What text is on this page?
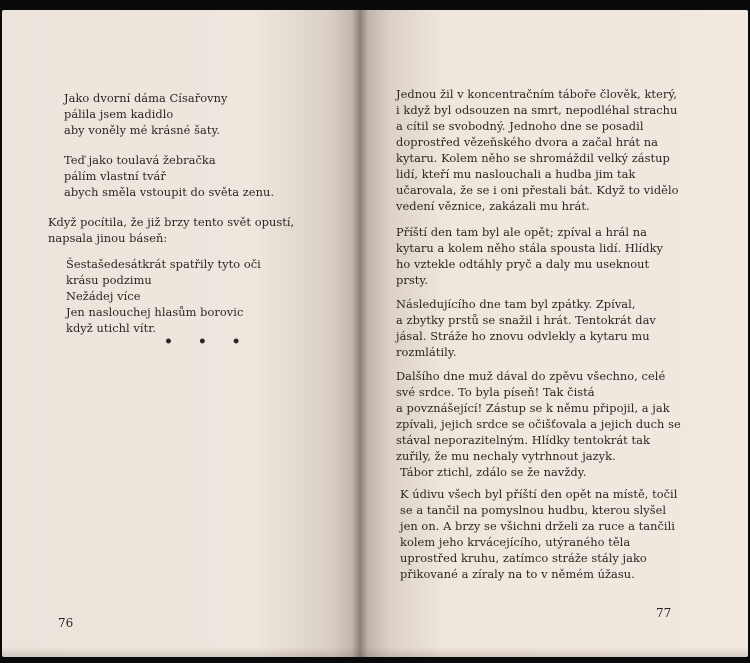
Jako dvorní dáma Císařovny
pálila jsem kadidlo
aby voněly mé krásné šaty.
Teď jako toulavá žebračka
pálím vlastní tvář
abych směla vstoupit do světa zenu.
Když pocítila, že již brzy tento svět opustí,
napsala jinou báseň:
Šestašedesátkrát spatřily tyto oči
krásu podzimu
Nežádej více
Jen naslouchej hlasům borovic
když utichl vítr.
• • •
76
Jednou žil v koncentračním táboře člověk, který,
i když byl odsouzen na smrt, nepodléhal strachu
a cítil se svobodný. Jednoho dne se posadil
doprostřed vězeňského dvora a začal hrát na
kytaru. Kolem něho se shromáždil velký zástup
lidí, kteří mu naslouchali a hudba jim tak
učarovala, že se i oni přestali bát. Když to vidělo
vedení věznice, zakázali mu hrát.
Příští den tam byl ale opět; zpíval a hrál na
kytaru a kolem něho stála spousta lidí. Hlídky
ho vztekle odtáhly pryč a daly mu useknout
prsty.
Následujícího dne tam byl zpátky. Zpíval,
a zbytky prstů se snažil i hrát. Tentokrát dav
jásal. Stráže ho znovu odvlekly a kytaru mu
rozmlátily.
Dalšího dne muž dával do zpěvu všechno, celé
své srdce. To byla píseň! Tak čistá
a povznášející! Zástup se k němu připojil, a jak
zpívali, jejich srdce se očišťovala a jejich duch se
stával neporazitelným. Hlídky tentokrát tak
zuřily, že mu nechaly vytrhnout jazyk.
Tábor ztichl, zdálo se že navždy.
K údivu všech byl příští den opět na místě, točil
se a tančil na pomyslnou hudbu, kterou slyšel
jen on. A brzy se všichni drželi za ruce a tančili
kolem jeho krvácejícího, utýraného těla
uprostřed kruhu, zatímco stráže stály jako
přikované a zíraly na to v němém úžasu.
77
